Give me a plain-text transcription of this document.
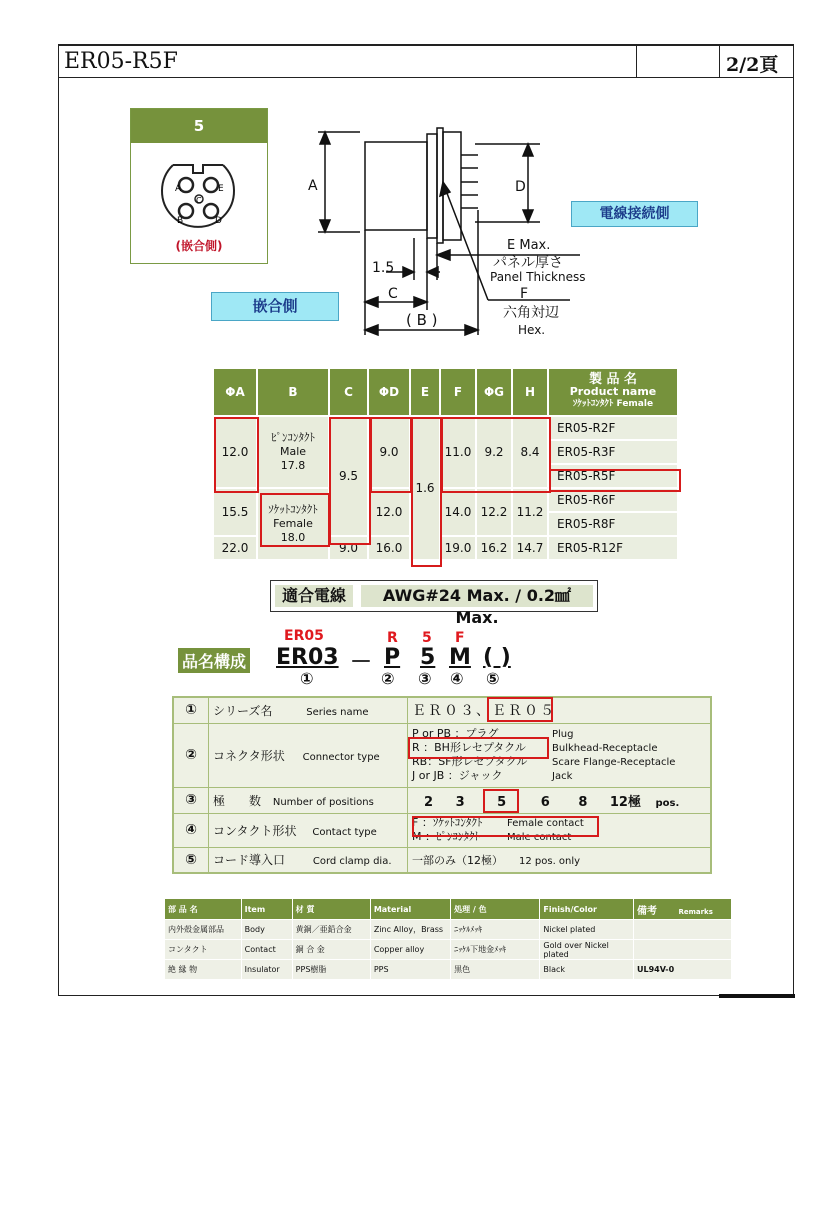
ER05-R5F	2/2頁
5
A
B
C
D
E
(嵌合側)
A	D
E Max.
パネル厚さ
Panel Thickness
1.5
C	F
六角対辺
Hex.
( B )
電線接続側
嵌合側
ΦA	B	C	ΦD	E	F	ΦG	H	製 品 名
Product name
ｿｹｯﾄｺﾝﾀｸﾄ Female

12.0	ﾋﾟﾝｺﾝﾀｸﾄ
Male
17.8	9.5	9.0	1.6	11.0	9.2	8.4	ER05-R2F
								ER05-R3F
								ER05-R5F
15.5	ｿｹｯﾄｺﾝﾀｸﾄ
Female
18.0		12.0		14.0	12.2	11.2	ER05-R6F
								ER05-R8F
22.0		9.0	16.0		19.0	16.2	14.7	ER05-R12F
適合電線	AWG#24 Max. / 0.2㎟ Max.
品名構成
ER05	R 5 F
ER03 － P 5 M ( )
①	② ③ ④ ⑤
①	シリーズ名 Series name	ＥＲ０３、ＥＲ０５
②	コネクタ形状 Connector type	P or PB ：プラグ Plug
R ：BH形レセプタクル Bulkhead-Receptacle
RB：SF形レセプタクル Scare Flange-Receptacle
J or JB ：ジャック Jack

③	極　　数 Number of positions	2 3 5 6 8 12極 pos.
④	コンタクト形状 Contact type	F ：ｿｹｯﾄｺﾝﾀｸﾄ Female contact
M ：ﾋﾟﾝｺﾝﾀｸﾄ Male contact

⑤	コード導入口 Cord clamp dia.	一部のみ（12極） 12 pos. only
部 品 名	Item	材 質	Material	処理 / 色	Finish/Color	備考 Remarks
内外殻金属部品	Body	黄銅／亜鉛合金	Zinc Alloy，Brass	ﾆｯｹﾙﾒｯｷ	Nickel plated	
コンタクト	Contact	銅 合 金	Copper alloy	ﾆｯｹﾙ下地金ﾒｯｷ	Gold over Nickel plated	
絶 縁 物	Insulator	PPS樹脂	PPS	黒色	Black	UL94V-0
